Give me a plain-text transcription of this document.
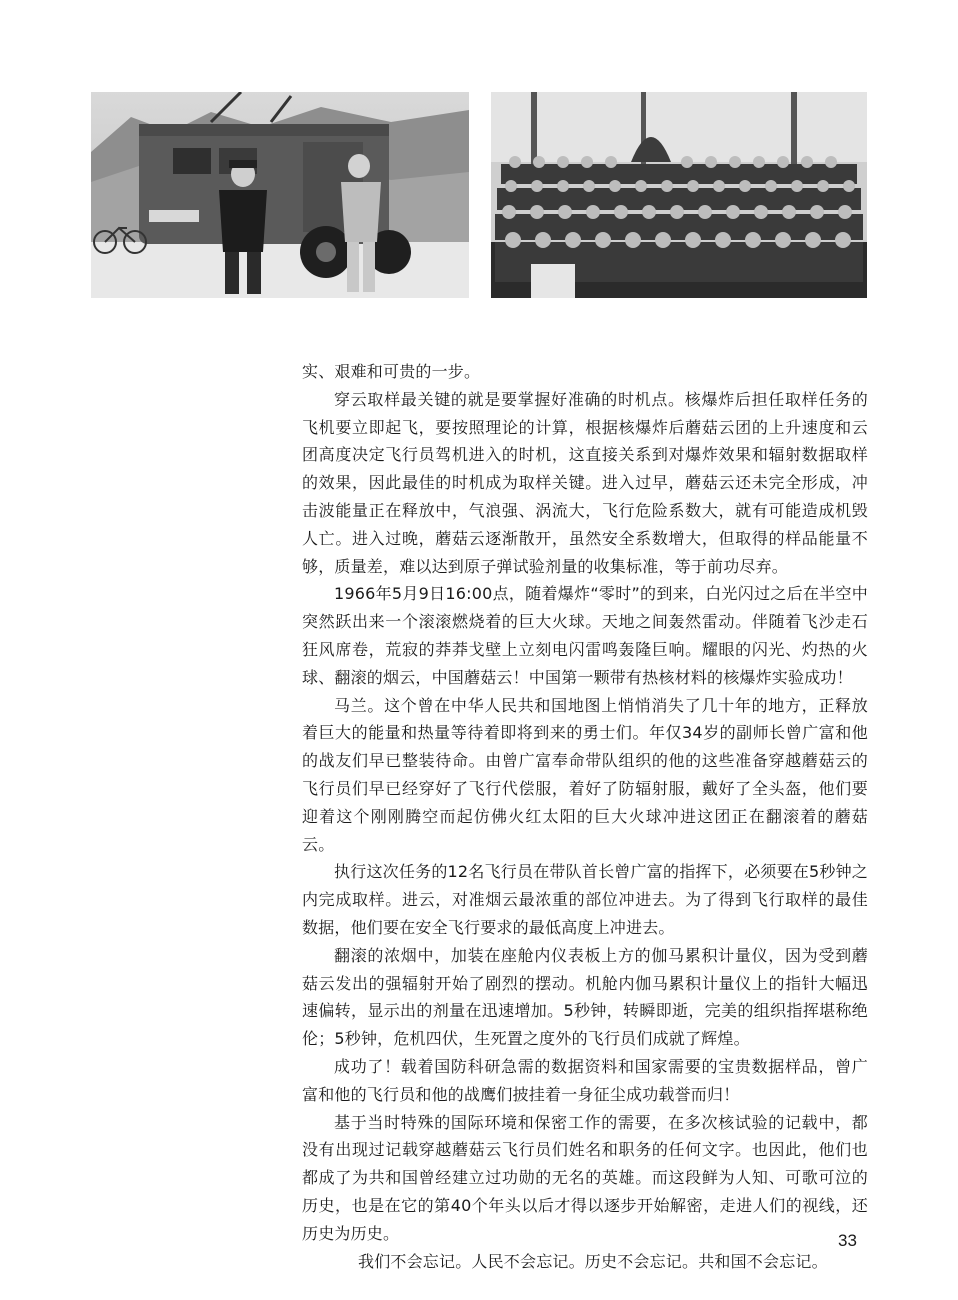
实、艰难和可贵的一步。

穿云取样最关键的就是要掌握好准确的时机点。核爆炸后担任取样任务的飞机要立即起飞，要按照理论的计算，根据核爆炸后蘑菇云团的上升速度和云团高度决定飞行员驾机进入的时机，这直接关系到对爆炸效果和辐射数据取样的效果，因此最佳的时机成为取样关键。进入过早，蘑菇云还未完全形成，冲击波能量正在释放中，气浪强、涡流大，飞行危险系数大，就有可能造成机毁人亡。进入过晚，蘑菇云逐渐散开，虽然安全系数增大，但取得的样品能量不够，质量差，难以达到原子弹试验剂量的收集标准，等于前功尽弃。

1966年5月9日16:00点，随着爆炸“零时”的到来，白光闪过之后在半空中突然跃出来一个滚滚燃烧着的巨大火球。天地之间轰然雷动。伴随着飞沙走石狂风席卷，荒寂的莽莽戈壁上立刻电闪雷鸣轰隆巨响。耀眼的闪光、灼热的火球、翻滚的烟云，中国蘑菇云！中国第一颗带有热核材料的核爆炸实验成功！

马兰。这个曾在中华人民共和国地图上悄悄消失了几十年的地方，正释放着巨大的能量和热量等待着即将到来的勇士们。年仅34岁的副师长曾广富和他的战友们早已整装待命。由曾广富奉命带队组织的他的这些准备穿越蘑菇云的飞行员们早已经穿好了飞行代偿服，着好了防辐射服，戴好了全头盔，他们要迎着这个刚刚腾空而起仿佛火红太阳的巨大火球冲进这团正在翻滚着的蘑菇云。

执行这次任务的12名飞行员在带队首长曾广富的指挥下，必须要在5秒钟之内完成取样。进云，对准烟云最浓重的部位冲进去。为了得到飞行取样的最佳数据，他们要在安全飞行要求的最低高度上冲进去。

翻滚的浓烟中，加装在座舱内仪表板上方的伽马累积计量仪，因为受到蘑菇云发出的强辐射开始了剧烈的摆动。机舱内伽马累积计量仪上的指针大幅迅速偏转，显示出的剂量在迅速增加。5秒钟，转瞬即逝，完美的组织指挥堪称绝伦；5秒钟，危机四伏，生死置之度外的飞行员们成就了辉煌。

成功了！载着国防科研急需的数据资料和国家需要的宝贵数据样品，曾广富和他的飞行员和他的战鹰们披挂着一身征尘成功载誉而归！

基于当时特殊的国际环境和保密工作的需要，在多次核试验的记载中，都没有出现过记载穿越蘑菇云飞行员们姓名和职务的任何文字。也因此，他们也都成了为共和国曾经建立过功勋的无名的英雄。而这段鲜为人知、可歌可泣的历史，也是在它的第40个年头以后才得以逐步开始解密，走进人们的视线，还历史为历史。

我们不会忘记。人民不会忘记。历史不会忘记。共和国不会忘记。

33
